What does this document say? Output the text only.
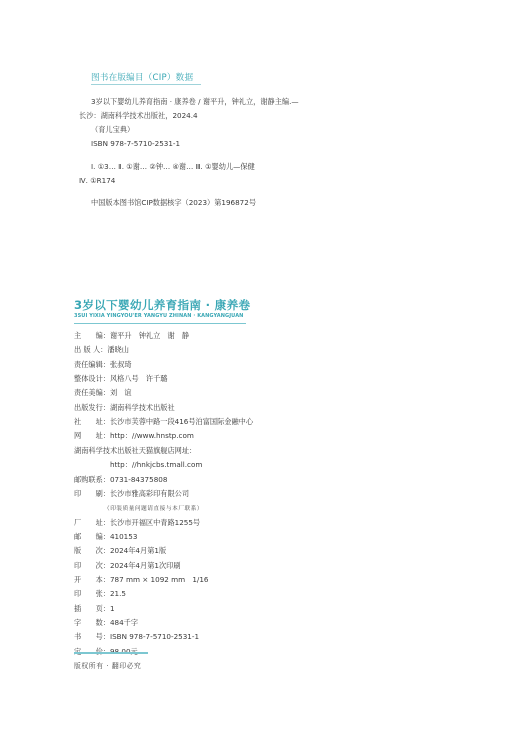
图书在版编目（CIP）数据
3岁以下婴幼儿养育指南 · 康养卷 / 谢平升，钟礼立，谢静主编.—
长沙：湖南科学技术出版社，2024.4
（育儿宝典）
ISBN 978-7-5710-2531-1
Ⅰ. ①3… Ⅱ. ①谢… ②钟… ④谢… Ⅲ. ①婴幼儿—保健
Ⅳ. ①R174
中国版本图书馆CIP数据核字（2023）第196872号
3岁以下婴幼儿养育指南 · 康养卷
3SUI YIXIA YINGYOU'ER YANGYU ZHINAN · KANGYANGJUAN
主　　编：谢平升　钟礼立　谢　静
出 版 人：潘晓山
责任编辑：张叔琦
整体设计：风格八号　许千璐
责任美编：刘　谊
出版发行：湖南科学技术出版社
社　　址：长沙市芙蓉中路一段416号泊富国际金融中心
网　　址：http：//www.hnstp.com
湖南科学技术出版社天猫旗舰店网址：
　　　　　http：//hnkjcbs.tmall.com
邮购联系：0731-84375808
印　　刷：长沙市雅高彩印有限公司
（印装质量问题请直接与本厂联系）
厂　　址：长沙市开福区中青路1255号
邮　　编：410153
版　　次：2024年4月第1版
印　　次：2024年4月第1次印刷
开　　本：787 mm × 1092 mm　1/16
印　　张：21.5
插　　页：1
字　　数：484千字
书　　号：ISBN 978-7-5710-2531-1
版权所有 · 翻印必究
